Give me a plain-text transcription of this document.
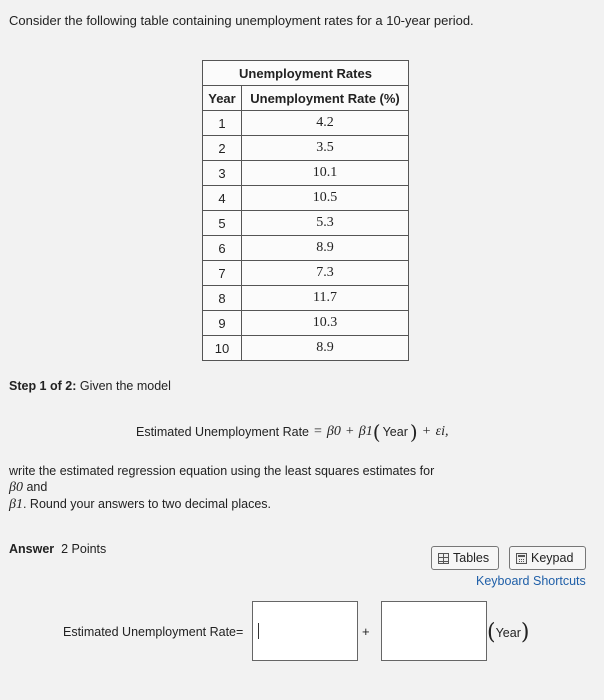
Consider the following table containing unemployment rates for a 10-year period.
Unemployment Rates	
Year	Unemployment Rate (%)
1	4.2
2	3.5
3	10.1
4	10.5
5	5.3
6	8.9
7	7.3
8	11.7
9	10.3
10	8.9
Step 1 of 2: Given the model
Estimated Unemployment Rate = β0 + β1 ( Year ) + εi,
write the estimated regression equation using the least squares estimates for
β0 and
β1. Round your answers to two decimal places.
Answer 2 Points
Tables	Keypad
Keyboard Shortcuts
Estimated Unemployment Rate=	+	( Year )
